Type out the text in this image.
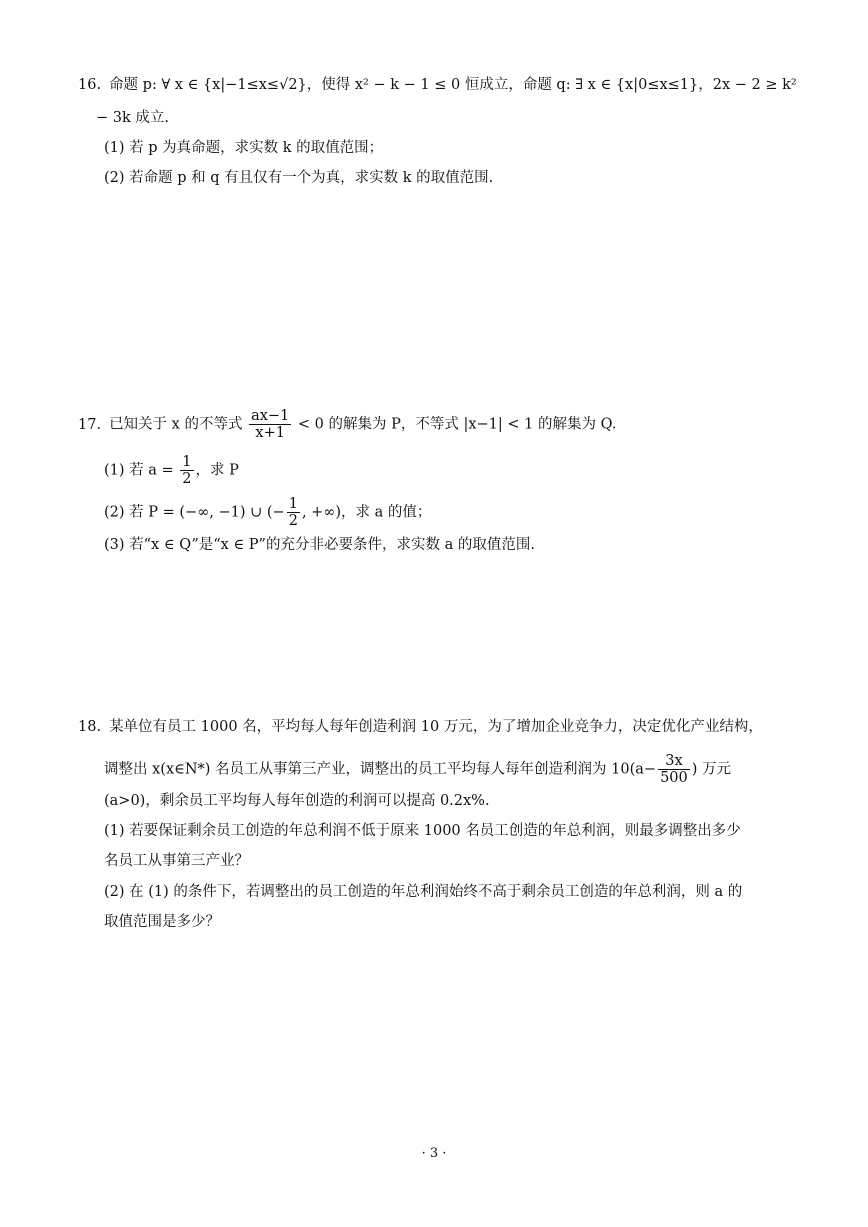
16. 命题 p: ∀ x ∈ {x|−1≤x≤√2}，使得 x² − k − 1 ≤ 0 恒成立，命题 q: ∃ x ∈ {x|0≤x≤1}，2x − 2 ≥ k²
− 3k 成立.
(1) 若 p 为真命题，求实数 k 的取值范围；
(2) 若命题 p 和 q 有且仅有一个为真，求实数 k 的取值范围.
17. 已知关于 x 的不等式 $\frac{ax-1}{x+1} < 0$ 的解集为 P，不等式 |x−1| < 1 的解集为 Q.
(1) 若 $a = \frac{1}{2}$ ，求 P
(2) 若 P = (−∞, −1) ∪ (− $\frac{1}{2}$ , +∞)，求 a 的值；
(3) 若“x ∈ Q”是“x ∈ P”的充分非必要条件，求实数 a 的取值范围.
18. 某单位有员工 1000 名，平均每人每年创造利润 10 万元，为了增加企业竞争力，决定优化产业结构，
调整出 x(x∈N*) 名员工从事第三产业，调整出的员工平均每人每年创造利润为 $10(a- \frac{3x}{500}$ ) 万元
(a>0)，剩余员工平均每人每年创造的利润可以提高 0.2x%.
(1) 若要保证剩余员工创造的年总利润不低于原来 1000 名员工创造的年总利润，则最多调整出多少
名员工从事第三产业？
(2) 在 (1) 的条件下，若调整出的员工创造的年总利润始终不高于剩余员工创造的年总利润，则 a 的
取值范围是多少？
· 3 ·
